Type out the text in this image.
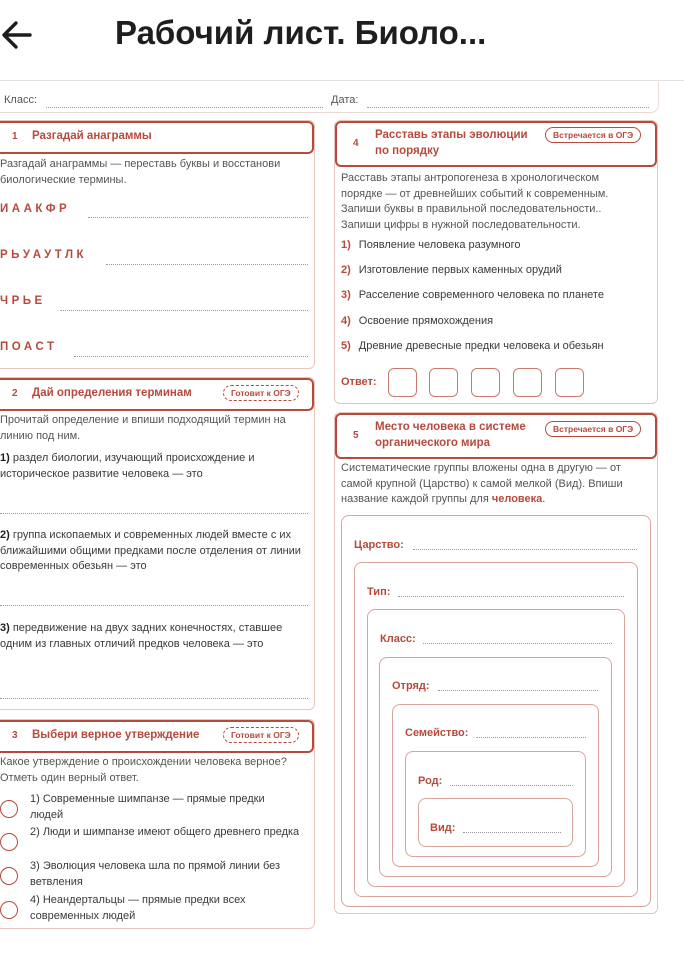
Рабочий лист. Биоло...
Класс:	Дата:
1 Разгадай анаграммы
Разгадай анаграммы — переставь буквы и восстанови биологические термины.
ИААКФР
РЬУАУТЛК
ЧРЬЕ
ПОАСТ
2 Дай определения терминам	Готовит к ОГЭ
Прочитай определение и впиши подходящий термин на линию под ним.
1) раздел биологии, изучающий происхождение и историческое развитие человека — это
2) группа ископаемых и современных людей вместе с их ближайшими общими предками после отделения от линии современных обезьян — это
3) передвижение на двух задних конечностях, ставшее одним из главных отличий предков человека — это
3 Выбери верное утверждение	Готовит к ОГЭ
Какое утверждение о происхождении человека верное? Отметь один верный ответ.
1) Современные шимпанзе — прямые предки людей
2) Люди и шимпанзе имеют общего древнего предка
3) Эволюция человека шла по прямой линии без ветвления
4) Неандертальцы — прямые предки всех современных людей
4
Расставь этапы эволюции по порядку
Встречается в ОГЭ
Расставь этапы антропогенеза в хронологическом порядке — от древнейших событий к современным. Запиши буквы в правильной последовательности.. Запиши цифры в нужной последовательности.
1) Появление человека разумного
2) Изготовление первых каменных орудий
3) Расселение современного человека по планете
4) Освоение прямохождения
5) Древние древесные предки человека и обезьян
Ответ:
5
Место человека в системе органического мира
Встречается в ОГЭ
Систематические группы вложены одна в другую — от самой крупной (Царство) к самой мелкой (Вид). Впиши название каждой группы для человека.
Царство:
Тип:
Класс:
Отряд:
Семейство:
Род:
Вид:
